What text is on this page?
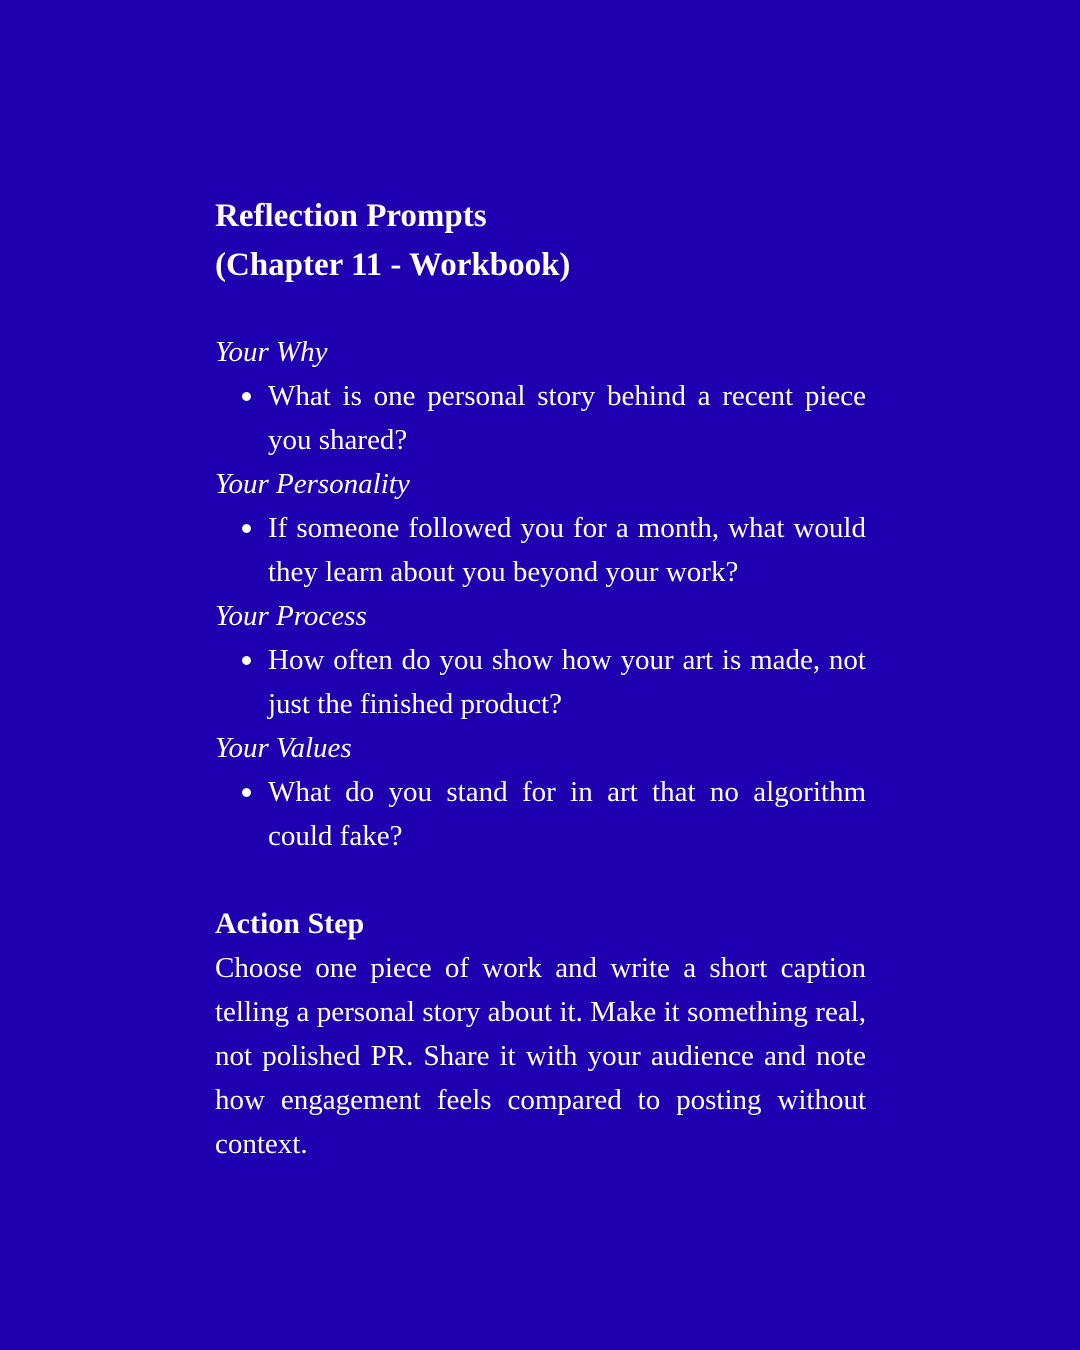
Reflection Prompts
(Chapter 11 - Workbook)

Your Why

What is one personal story behind a recent piece you shared?

Your Personality

If someone followed you for a month, what would they learn about you beyond your work?

Your Process

How often do you show how your art is made, not just the finished product?

Your Values

What do you stand for in art that no algorithm could fake?
Action Step

Choose one piece of work and write a short caption telling a personal story about it. Make it something real, not polished PR. Share it with your audience and note how engagement feels compared to posting without context.
